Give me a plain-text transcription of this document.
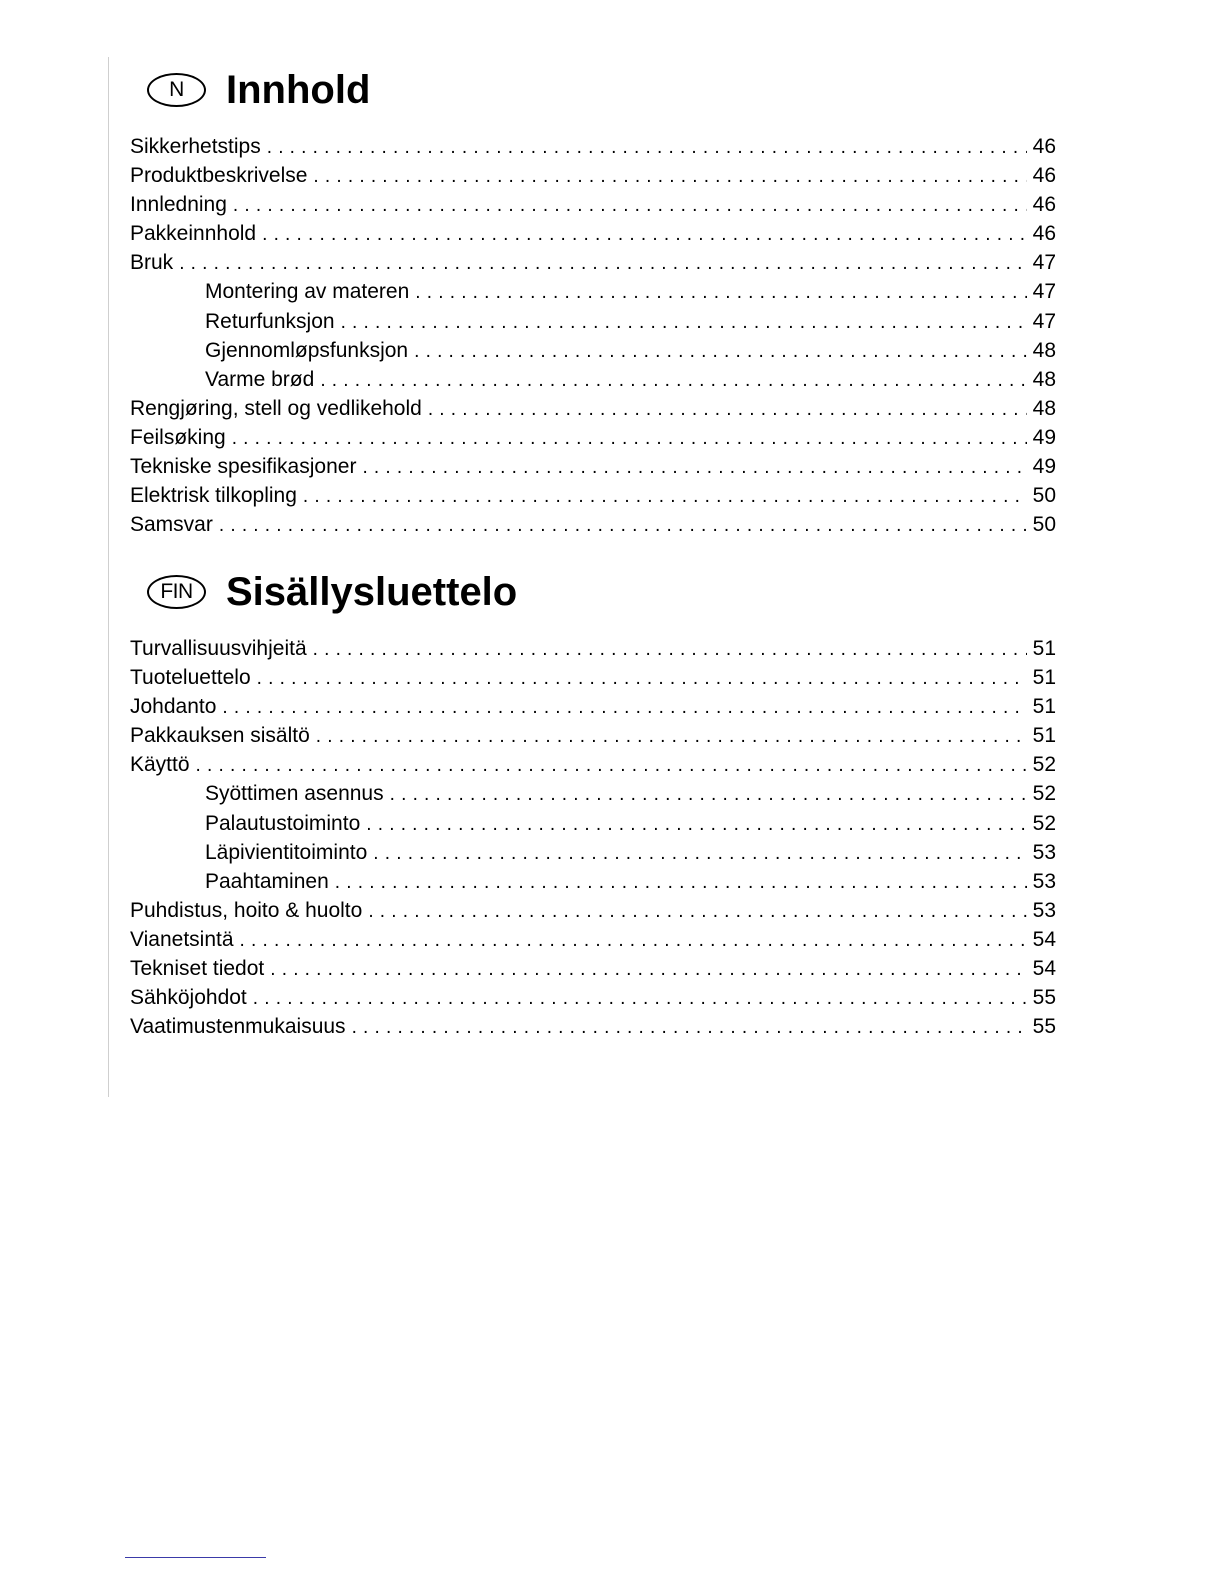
N	Innhold
Sikkerhetstips .....	46
Produktbeskrivelse .....	46
Innledning .....	46
Pakkeinnhold .....	46
Bruk .....	47
Montering av materen .....	47
Returfunksjon .....	47
Gjennomløpsfunksjon .....	48
Varme brød .....	48
Rengjøring, stell og vedlikehold .....	48
Feilsøking .....	49
Tekniske spesifikasjoner .....	49
Elektrisk tilkopling .....	50
Samsvar .....	50
FIN Sisällysluettelo
Turvallisuusvihjeitä .....	51
Tuoteluettelo .....	51
Johdanto .....	51
Pakkauksen sisältö .....	51
Käyttö .....	52
Syöttimen asennus .....	52
Palautustoiminto .....	52
Läpivientitoiminto .....	53
Paahtaminen .....	53
Puhdistus, hoito & huolto .....	53
Vianetsintä .....	54
Tekniset tiedot .....	54
Sähköjohdot .....	55
Vaatimustenmukaisuus .....	55
